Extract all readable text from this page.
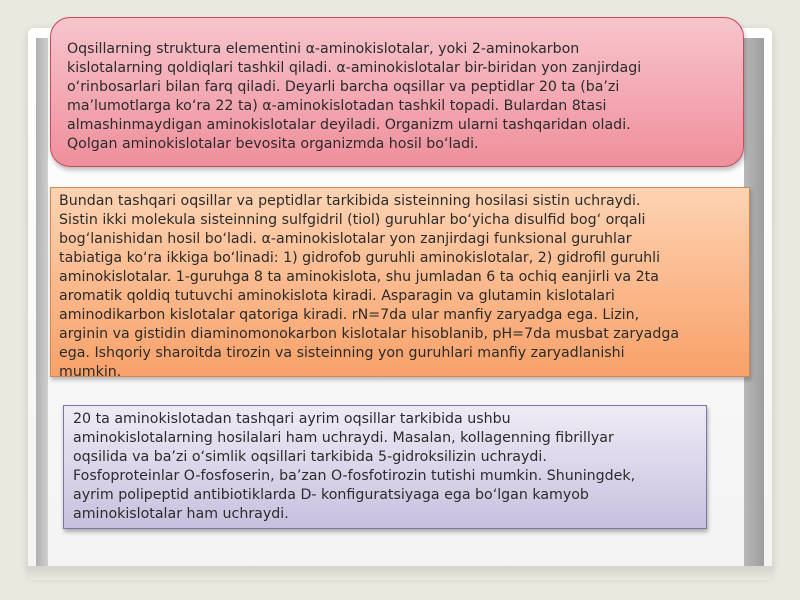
Oqsillarning struktura elementini α-aminokislotalar, yoki 2-aminokarbon

kislotalarning qoldiqlari tashkil qiladi. α-aminokislotalar bir-biridan yon zanjirdagi

o‘rinbosarlari bilan farq qiladi. Deyarli barcha oqsillar va peptidlar 20 ta (ba’zi

ma’lumotlarga ko‘ra 22 ta) α-aminokislotadan tashkil topadi. Bulardan 8tasi

almashinmaydigan aminokislotalar deyiladi. Organizm ularni tashqaridan oladi.

Qolgan aminokislotalar bevosita organizmda hosil bo‘ladi.

Bundan tashqari oqsillar va peptidlar tarkibida sisteinning hosilasi sistin uchraydi.

Sistin ikki molekula sisteinning sulfgidril (tiol) guruhlar bo‘yicha disulfid bog‘ orqali

bog‘lanishidan hosil bo‘ladi. α-aminokislotalar yon zanjirdagi funksional guruhlar

tabiatiga ko‘ra ikkiga bo‘linadi: 1) gidrofob guruhli aminokislotalar, 2) gidrofil guruhli

aminokislotalar. 1-guruhga 8 ta aminokislota, shu jumladan 6 ta ochiq eanjirli va 2ta

aromatik qoldiq tutuvchi aminokislota kiradi. Asparagin va glutamin kislotalari

aminodikarbon kislotalar qatoriga kiradi. rN=7da ular manfiy zaryadga ega. Lizin,

arginin va gistidin diaminomonokarbon kislotalar hisoblanib, pH=7da musbat zaryadga

ega. Ishqoriy sharoitda tirozin va sisteinning yon guruhlari manfiy zaryadlanishi

mumkin.

20 ta aminokislotadan tashqari ayrim oqsillar tarkibida ushbu

aminokislotalarning hosilalari ham uchraydi. Masalan, kollagenning fibrillyar

oqsilida va ba’zi o‘simlik oqsillari tarkibida 5-gidroksilizin uchraydi.

Fosfoproteinlar O-fosfoserin, ba’zan O-fosfotirozin tutishi mumkin. Shuningdek,

ayrim polipeptid antibiotiklarda D- konfiguratsiyaga ega bo‘lgan kamyob

aminokislotalar ham uchraydi.
